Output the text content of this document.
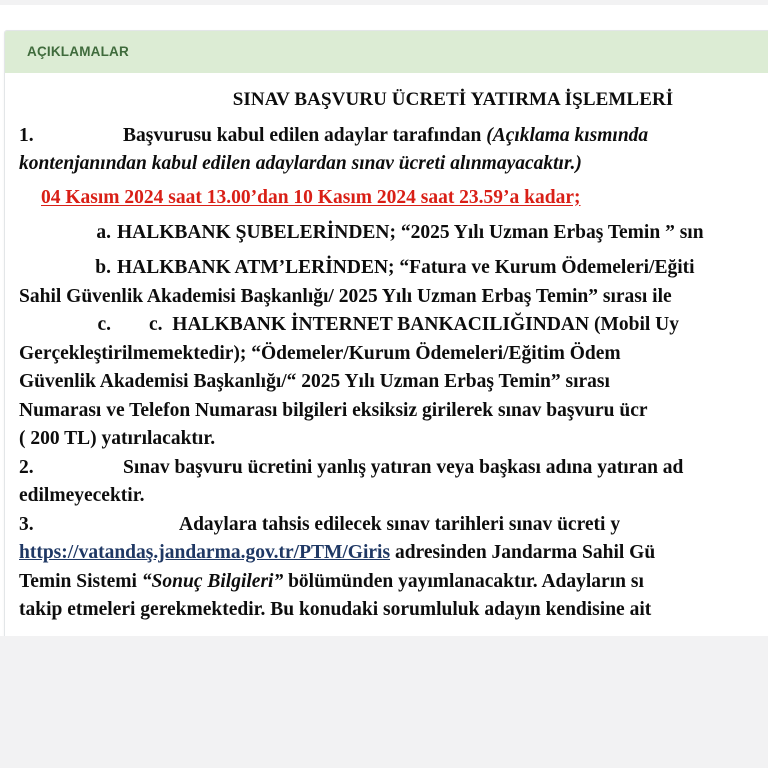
AÇIKLAMALAR
SINAV BAŞVURU ÜCRETİ YATIRMA İŞLEMLERİ

1.	Başvurusu kabul edilen adaylar tarafından (Açıklama kısmında

kontenjanından kabul edilen adaylardan sınav ücreti alınmayacaktır.)

04 Kasım 2024 saat 13.00’dan 10 Kasım 2024 saat 23.59’a kadar;

a. HALKBANK ŞUBELERİNDEN; “2025 Yılı Uzman Erbaş Temin ” sın

b. HALKBANK ATM’LERİNDEN; “Fatura ve Kurum Ödemeleri/Eğiti

Sahil Güvenlik Akademisi Başkanlığı/ 2025 Yılı Uzman Erbaş Temin” sırası ile

c. c. HALKBANK İNTERNET BANKACILIĞINDAN (Mobil Uy

Gerçekleştirilmemektedir); “Ödemeler/Kurum Ödemeleri/Eğitim Ödem

Güvenlik Akademisi Başkanlığı/“ 2025 Yılı Uzman Erbaş Temin” sırası

Numarası ve Telefon Numarası bilgileri eksiksiz girilerek sınav başvuru ücr

( 200 TL) yatırılacaktır.

2.	Sınav başvuru ücretini yanlış yatıran veya başkası adına yatıran ad

edilmeyecektir.

3.	Adaylara tahsis edilecek sınav tarihleri sınav ücreti y

https://vatandaş.jandarma.gov.tr/PTM/Giris adresinden Jandarma Sahil Gü

Temin Sistemi “Sonuç Bilgileri” bölümünden yayımlanacaktır. Adayların sı

takip etmeleri gerekmektedir. Bu konudaki sorumluluk adayın kendisine ait
